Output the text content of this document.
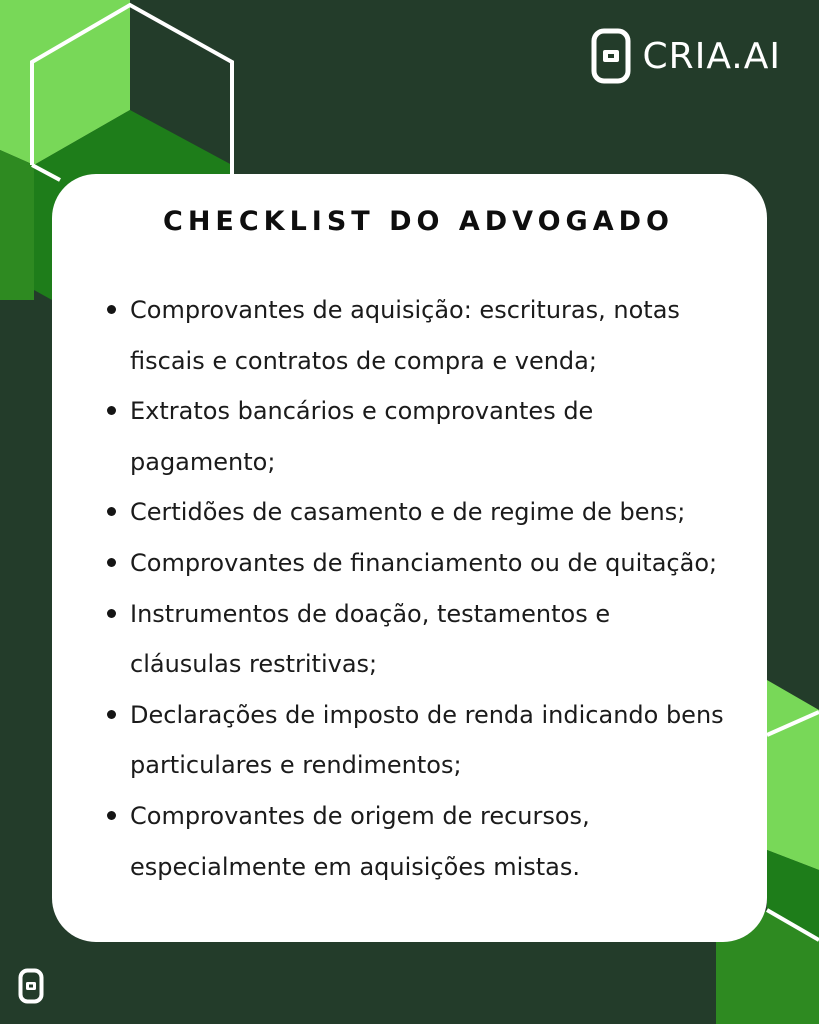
CRIA.AI
CHECKLIST DO ADVOGADO
Comprovantes de aquisição: escrituras, notas fiscais e contratos de compra e venda;
Extratos bancários e comprovantes de pagamento;
Certidões de casamento e de regime de bens;
Comprovantes de financiamento ou de quitação;
Instrumentos de doação, testamentos e cláusulas restritivas;
Declarações de imposto de renda indicando bens particulares e rendimentos;
Comprovantes de origem de recursos, especialmente em aquisições mistas.
